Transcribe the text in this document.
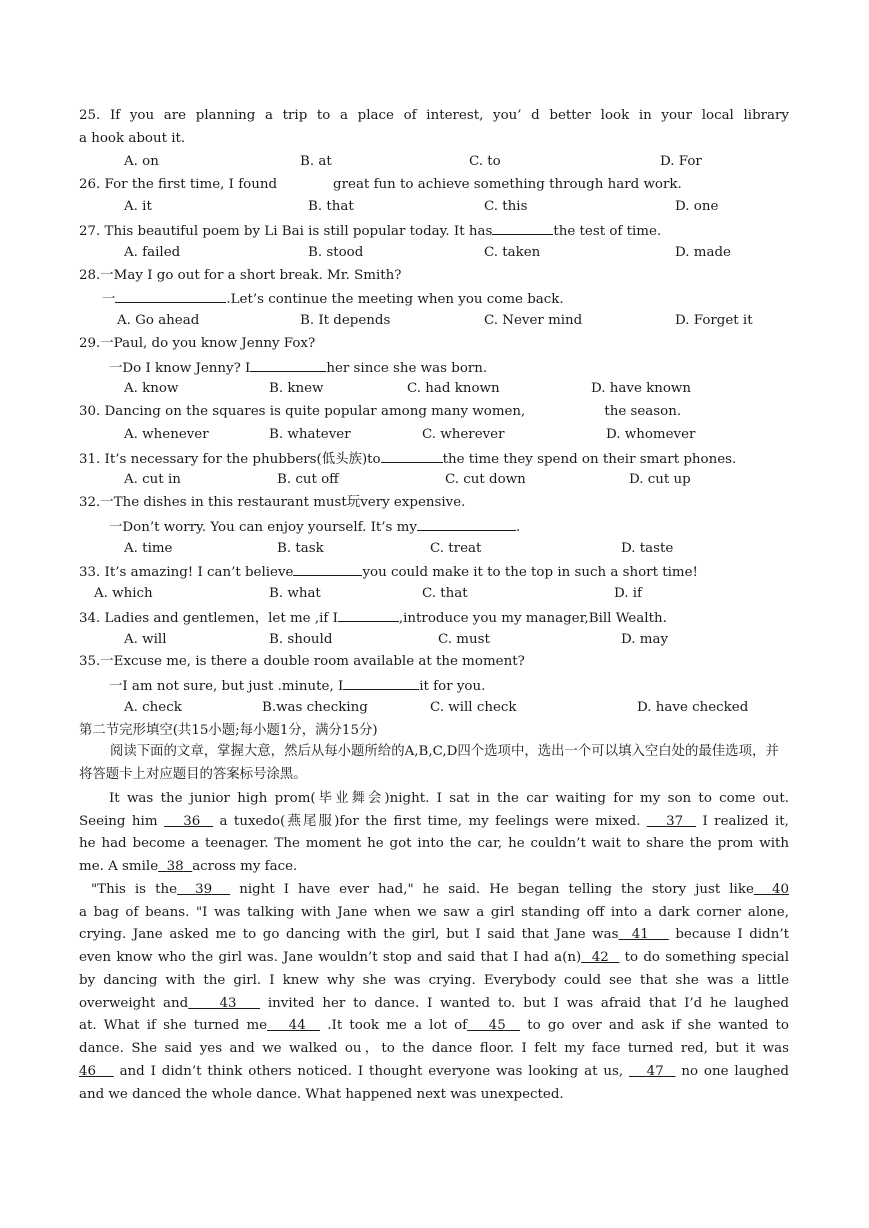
25. If you are planning a trip to a place of interest, you’ d better look in your local library
a hook about it.
A. on	B. at	C. to	D. For
26. For the first time, I found	great fun to achieve something through hard work.
A. it	B. that	C. this	D. one
27. This beautiful poem by Li Bai is still popular today. It has	the test of time.
A. failed	B. stood	C. taken	D. made
28.一May I go out for a short break. Mr. Smith?
一	.Let’s continue the meeting when you come back.
A. Go ahead	B. It depends	C. Never mind	D. Forget it
29.一Paul, do you know Jenny Fox?
一Do I know Jenny? I	her since she was born.
A. know	B. knew	C. had known	D. have known
30. Dancing on the squares is quite popular among many women,	the season.
A. whenever	B. whatever	C. wherever	D. whomever
31. It’s necessary for the phubbers(低头族)to	the time they spend on their smart phones.
A. cut in	B. cut off	C. cut down	D. cut up
32.一The dishes in this restaurant must玩very expensive.
一Don’t worry. You can enjoy yourself. It’s my	.
A. time	B. task	C. treat	D. taste
33. It’s amazing! I can’t believe	you could make it to the top in such a short time!
A. which	B. what	C. that	D. if
34. Ladies and gentlemen，let me ,if I	,introduce you my manager,Bill Wealth.
A. will	B. should	C. must	D. may
35.一Excuse me, is there a double room available at the moment?
一I am not sure, but just .minute, I	it for you.
A. check	B.was checking	C. will check	D. have checked
第二节完形填空(共15小题;每小题1分，满分15分)
阅读下面的文章，掌握大意，然后从每小题所给的A,B,C,D四个选项中，选出一个可以填入空白处的最佳选项，并将答题卡上对应题目的答案标号涂黑。
It was the junior high prom(毕业舞会)night. I sat in the car waiting for my son to come out.
Seeing him 36 a tuxedo(燕尾服)for the first time, my feelings were mixed. 37 I realized it,
he had become a teenager. The moment he got into the car, he couldn’t wait to share the prom with
me. A smile 38 across my face.
"This is the 39 night I have ever had," he said. He began telling the story just like 40
a bag of beans. "I was talking with Jane when we saw a girl standing off into a dark corner alone,
crying. Jane asked me to go dancing with the girl, but I said that Jane was 41 because I didn’t
even know who the girl was. Jane wouldn’t stop and said that I had a(n) 42 to do something special
by dancing with the girl. I knew why she was crying. Everybody could see that she was a little
overweight and 43 invited her to dance. I wanted to. but I was afraid that I’d he laughed
at. What if she turned me 44 .It took me a lot of 45 to go over and ask if she wanted to
dance. She said yes and we walked ou，to the dance floor. I felt my face turned red, but it was
46 and I didn’t think others noticed. I thought everyone was looking at us, 47 no one laughed
and we danced the whole dance. What happened next was unexpected.
